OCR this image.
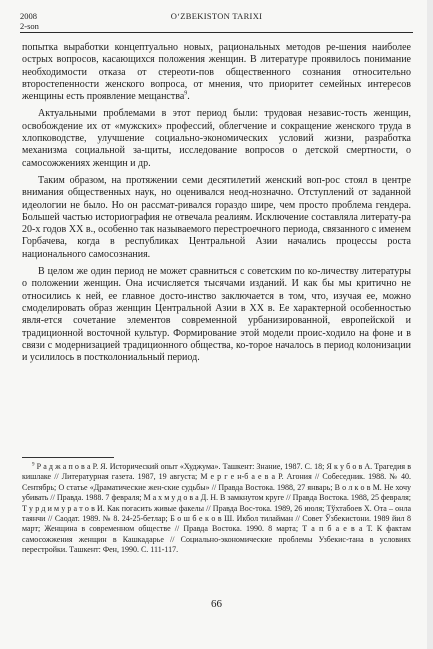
2008	O‘ZBEKISTON TARIXI
2-son

попытка выработки концептуально новых, рациональных методов ре-шения наиболее острых вопросов, касающихся положения женщин. В литературе проявилось понимание необходимости отказа от стереоти-пов общественного сознания относительно второстепенности женского вопроса, от мнения, что приоритет семейных интересов женщины есть проявление мещанства$^9$.

Актуальными проблемами в этот период были: трудовая независ-тость женщин, освобождение их от «мужских» профессий, облегчение и сокращение женского труда в хлопководстве, улучшение социально-экономических условий жизни, разработка механизма социальной за-щиты, исследование вопросов о детской смертности, о самосожжениях женщин и др.

Таким образом, на протяжении семи десятилетий женский воп-рос стоял в центре внимания общественных наук, но оценивался неод-нозначно. Отступлений от заданной идеологии не было. Но он рассмат-ривался гораздо шире, чем просто проблема гендера. Большей частью историография не отвечала реалиям. Исключение составляла литерату-ра 20-х годов XX в., особенно так называемого перестроечного периода, связанного с именем Горбачева, когда в республиках Центральной Азии начались процессы роста национального самосознания.

В целом же один период не может сравниться с советским по ко-личеству литературы о положении женщин. Она исчисляется тысячами изданий. И как бы мы критично не относились к ней, ее главное досто-инство заключается в том, что, изучая ее, можно смоделировать образ женщин Центральной Азии в XX в. Ее характерной особенностью явля-ется сочетание элементов современной урбанизированной, европейской и традиционной восточной культур. Формирование этой модели проис-ходило на фоне и в связи с модернизацией традиционного общества, ко-торое началось в период колонизации и усилилось в постколониальный период.

$^9$ Р а д ж а п о в а Р. Я. Исторический опыт «Худжума». Ташкент: Знание, 1987. С. 18; Я к у б о в А. Трагедия в кишлаке // Литературная газета. 1987, 19 августа; М е р г е н-б а е в а Р. Агония // Собеседник. 1988. № 40. Сентябрь; О статье «Драматические жен-ские судьбы» // Правда Востока. 1988, 27 январь; В о л к о в М. Не хочу убивать // Правда. 1988. 7 февраля; М а х м у д о в а Д. Н. В замкнутом круге // Правда Востока. 1988, 25 февраля; Т у р д и м у р а т о в И. Как погасить живые факелы // Правда Вос-тока. 1989, 26 июля; Тўхтабоев Х. Ота – онла таянчи // Саодат. 1989. № 8. 24-25-бетлар; Б о ш б е к о в Ш. Икбол тилайман // Совет Ўзбекистони. 1989 йил 8 март; Женщина в современном обществе // Правда Востока. 1990. 8 марта; Т а п б а е в а Т. К фактам самосожжения женщин в Кашкадарье // Социально-экономические проблемы Узбекис-тана в условиях перестройки. Ташкент: Фен, 1990. С. 111-117.

66
